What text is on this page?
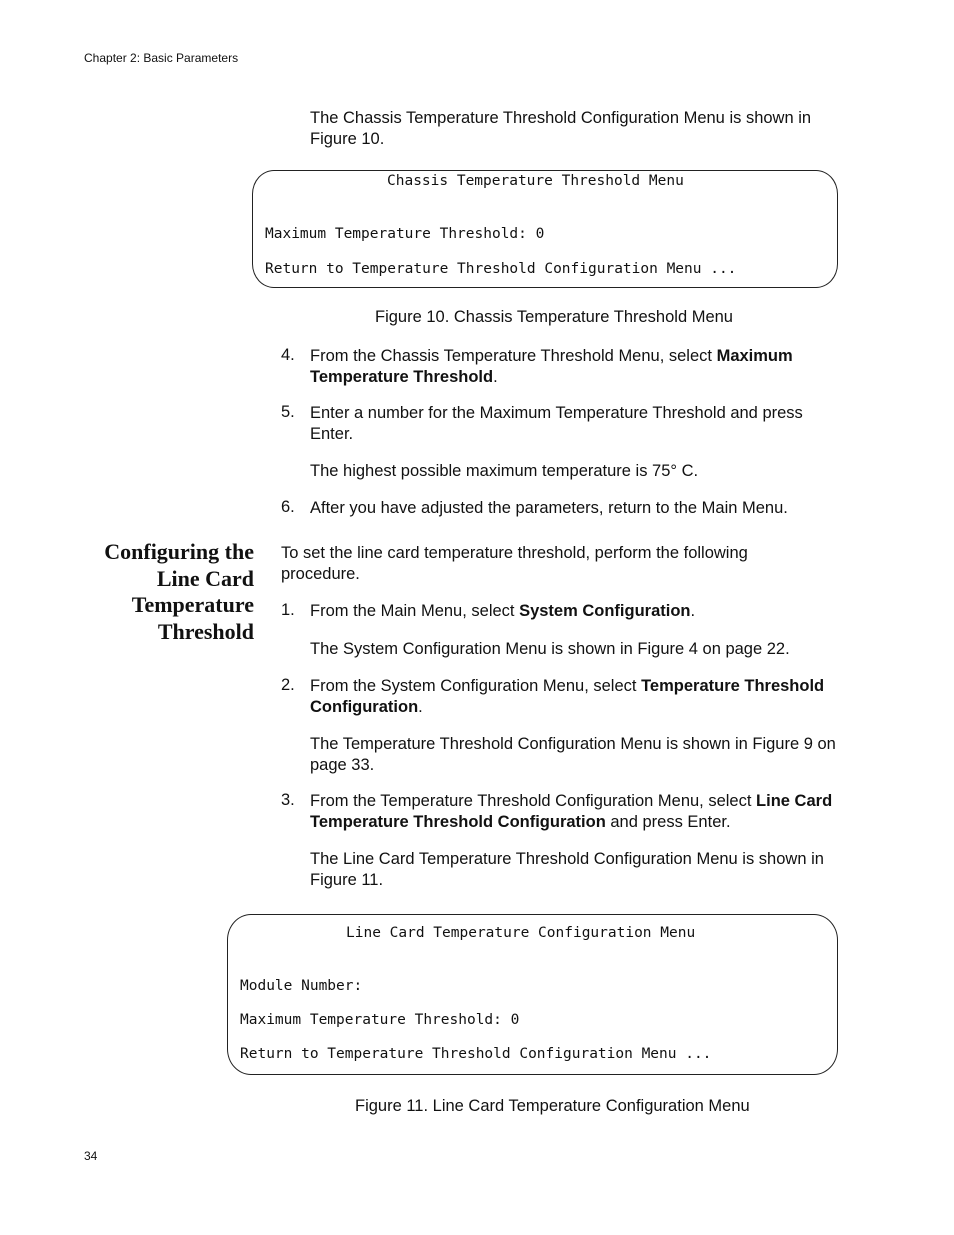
Chapter 2: Basic Parameters
The Chassis Temperature Threshold Configuration Menu is shown in Figure 10.
Chassis Temperature Threshold Menu
Maximum Temperature Threshold: 0
Return to Temperature Threshold Configuration Menu ...
Figure 10. Chassis Temperature Threshold Menu
4. From the Chassis Temperature Threshold Menu, select Maximum Temperature Threshold.
5. Enter a number for the Maximum Temperature Threshold and press Enter.
The highest possible maximum temperature is 75° C.
6. After you have adjusted the parameters, return to the Main Menu.
Configuring the
Line Card
Temperature
Threshold
To set the line card temperature threshold, perform the following procedure.
1. From the Main Menu, select System Configuration.
The System Configuration Menu is shown in Figure 4 on page 22.
2. From the System Configuration Menu, select Temperature Threshold Configuration.
The Temperature Threshold Configuration Menu is shown in Figure 9 on page 33.
3. From the Temperature Threshold Configuration Menu, select Line Card Temperature Threshold Configuration and press Enter.
The Line Card Temperature Threshold Configuration Menu is shown in Figure 11.
Line Card Temperature Configuration Menu
Module Number:
Maximum Temperature Threshold: 0
Return to Temperature Threshold Configuration Menu ...
Figure 11. Line Card Temperature Configuration Menu
34
